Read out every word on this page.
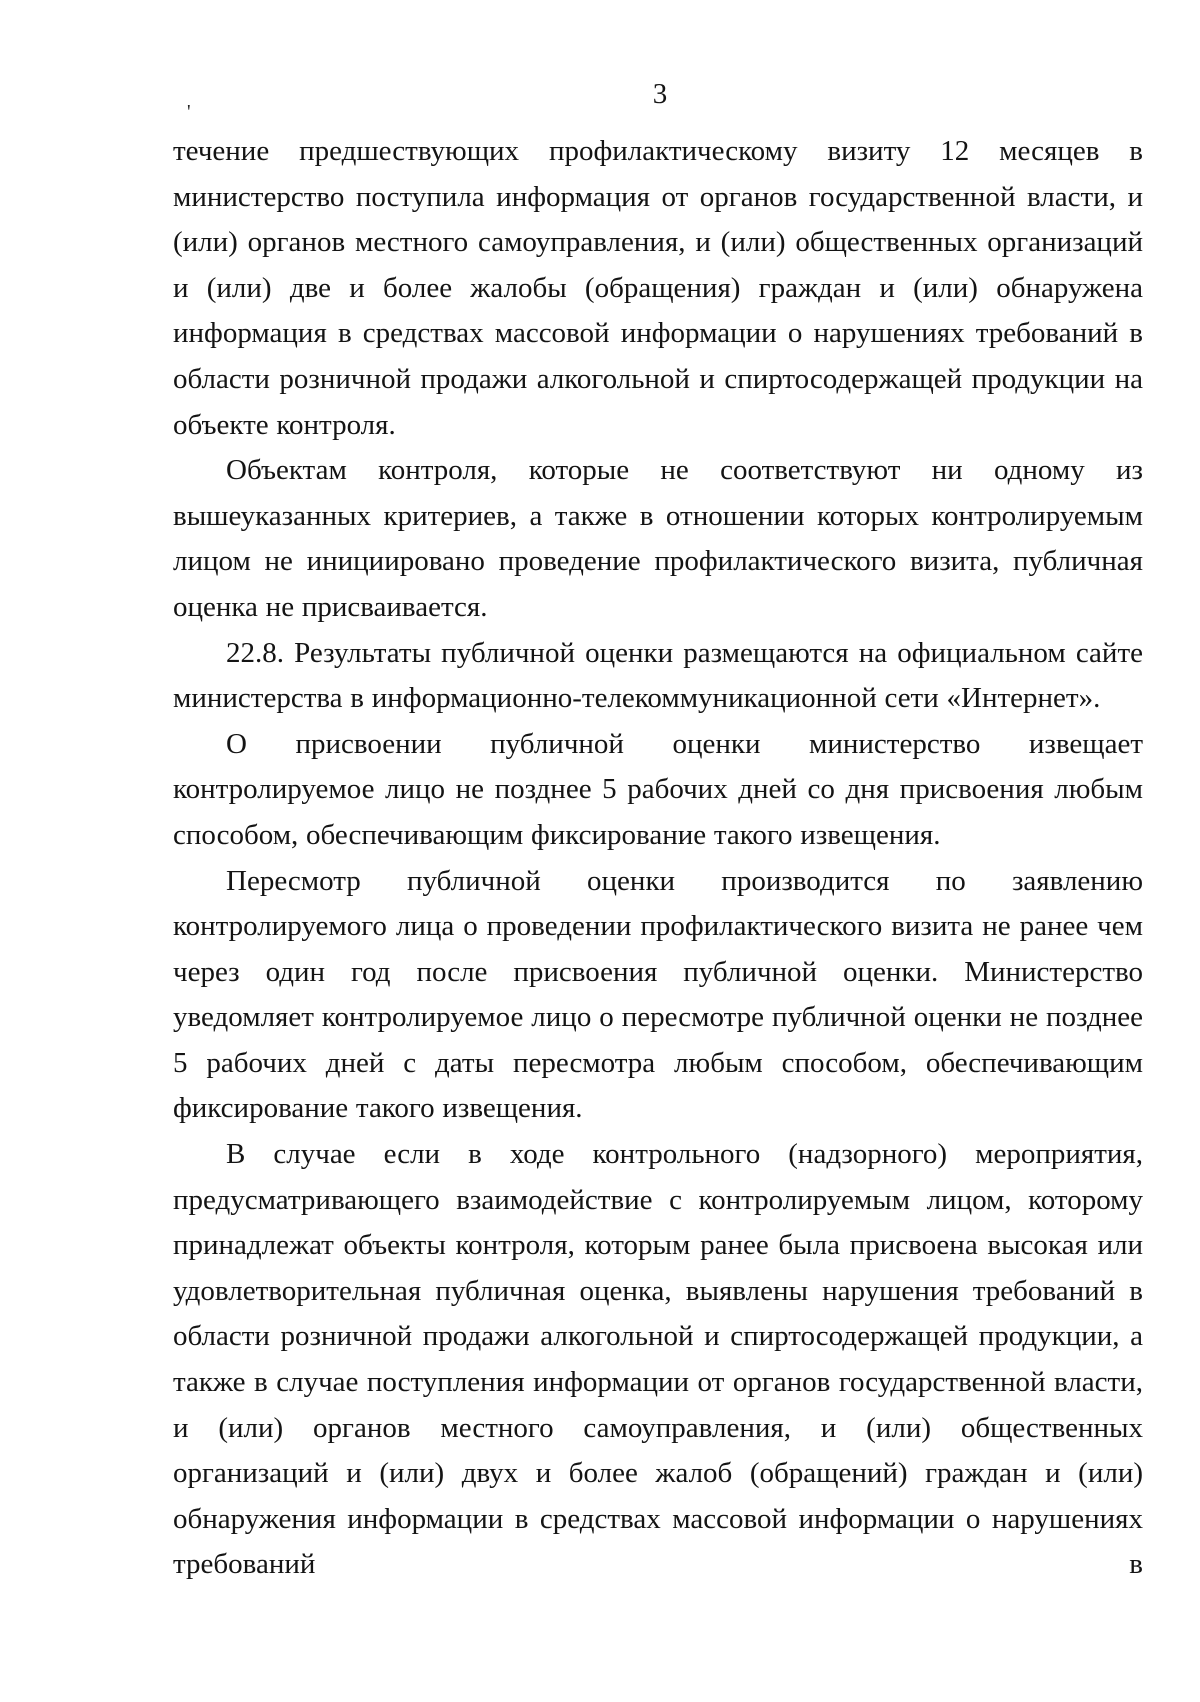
3
'

течение предшествующих профилактическому визиту 12 месяцев в министерство поступила информация от органов государственной власти, и (или) органов местного самоуправления, и (или) общественных организаций и (или) две и более жалобы (обращения) граждан и (или) обнаружена информация в средствах массовой информации о нарушениях требований в области розничной продажи алкогольной и спиртосодержащей продукции на объекте контроля.

Объектам контроля, которые не соответствуют ни одному из вышеуказанных критериев, а также в отношении которых контролируемым лицом не инициировано проведение профилактического визита, публичная оценка не присваивается.

22.8. Результаты публичной оценки размещаются на официальном сайте министерства в информационно-телекоммуникационной сети «Интернет».

О присвоении публичной оценки министерство извещает контролируемое лицо не позднее 5 рабочих дней со дня присвоения любым способом, обеспечивающим фиксирование такого извещения.

Пересмотр публичной оценки производится по заявлению контролируемого лица о проведении профилактического визита не ранее чем через один год после присвоения публичной оценки. Министерство уведомляет контролируемое лицо о пересмотре публичной оценки не позднее 5 рабочих дней с даты пересмотра любым способом, обеспечивающим фиксирование такого извещения.

В случае если в ходе контрольного (надзорного) мероприятия, предусматривающего взаимодействие с контролируемым лицом, которому принадлежат объекты контроля, которым ранее была присвоена высокая или удовлетворительная публичная оценка, выявлены нарушения требований в области розничной продажи алкогольной и спиртосодержащей продукции, а также в случае поступления информации от органов государственной власти, и (или) органов местного самоуправления, и (или) общественных организаций и (или) двух и более жалоб (обращений) граждан и (или) обнаружения информации в средствах массовой информации о нарушениях требований в
